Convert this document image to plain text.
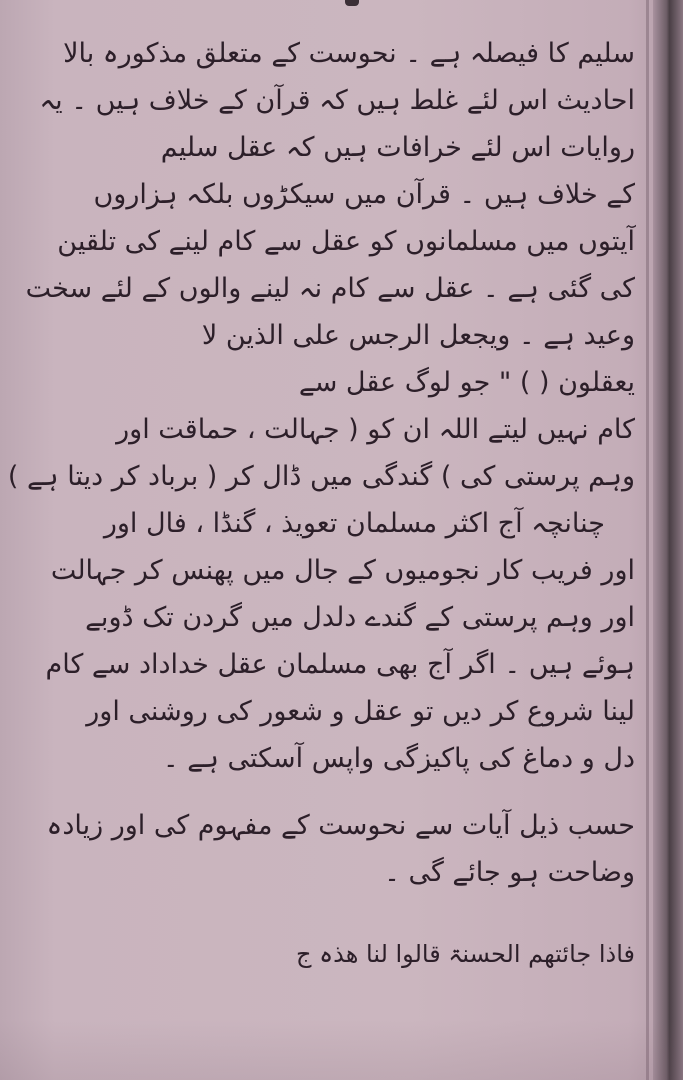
سلیم کا فیصلہ ہے ۔ نحوست کے متعلق مذکورہ بالا
احادیث اس لئے غلط ہیں کہ قرآن کے خلاف ہیں ۔ یہ
روایات اس لئے خرافات ہیں کہ عقل سلیم
کے خلاف ہیں ۔ قرآن میں سیکڑوں بلکہ ہزاروں
آیتوں میں مسلمانوں کو عقل سے کام لینے کی تلقین
کی گئی ہے ۔ عقل سے کام نہ لینے والوں کے لئے سخت
وعید ہے ۔ ویجعل الرجس علی الذین لا
یعقلون ( ) " جو لوگ عقل سے
کام نہیں لیتے اللہ ان کو ( جہالت ، حماقت اور
وہم پرستی کی ) گندگی میں ڈال کر ( برباد کر دیتا ہے )
چنانچہ آج اکثر مسلمان تعویذ ، گنڈا ، فال اور
اور فریب کار نجومیوں کے جال میں پھنس کر جہالت
اور وہم پرستی کے گندے دلدل میں گردن تک ڈوبے
ہوئے ہیں ۔ اگر آج بھی مسلمان عقل خداداد سے کام
لینا شروع کر دیں تو عقل و شعور کی روشنی اور
دل و دماغ کی پاکیزگی واپس آسکتی ہے ۔
حسب ذیل آیات سے نحوست کے مفہوم کی اور زیادہ
وضاحت ہو جائے گی ۔
فاذا جائتھم الحسنۃ قالوا لنا ھذہ ج
